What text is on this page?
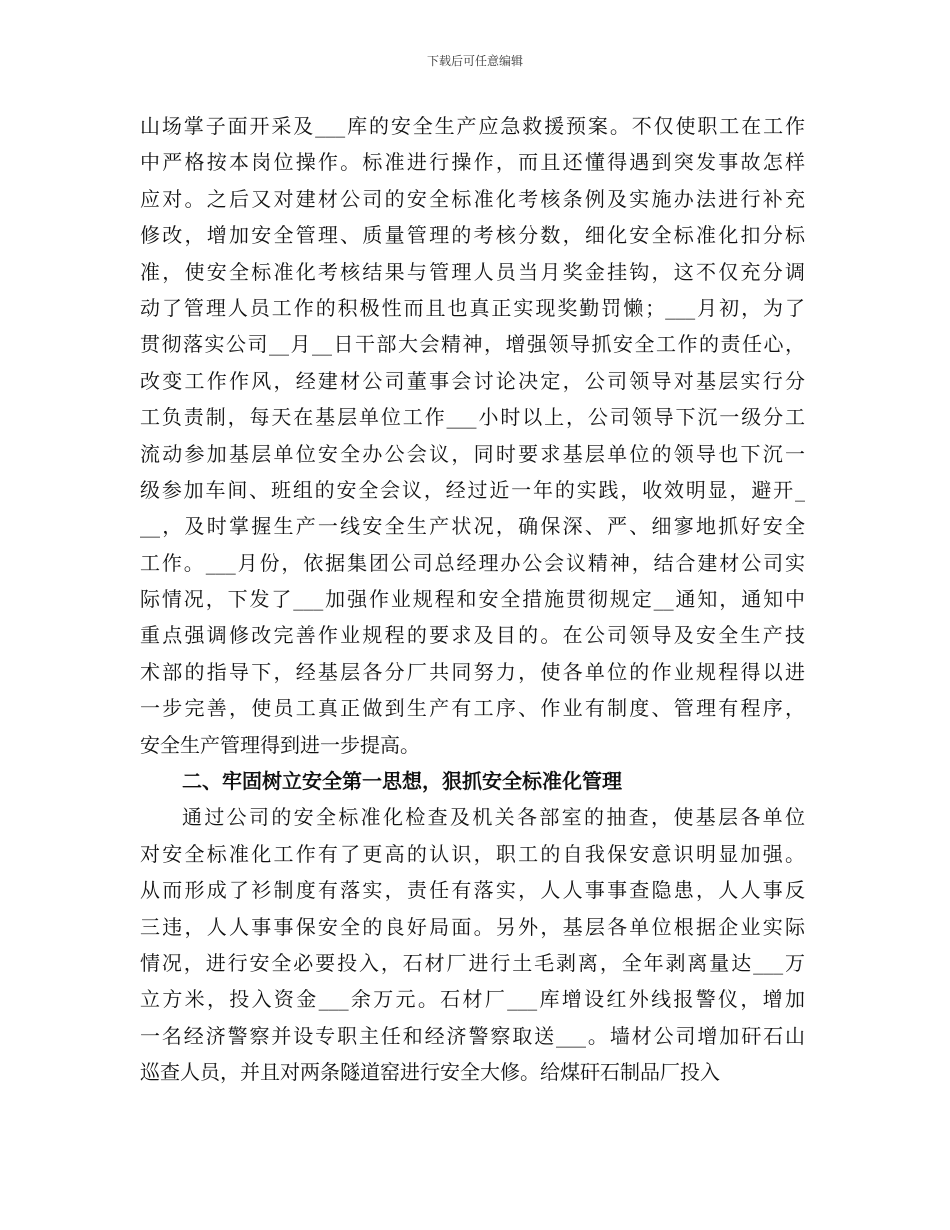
下载后可任意编辑
山场掌子面开采及___库的安全生产应急救援预案。不仅使职工在工作
中严格按本岗位操作。标准进行操作，而且还懂得遇到突发事故怎样
应对。之后又对建材公司的安全标准化考核条例及实施办法进行补充
修改，增加安全管理、质量管理的考核分数，细化安全标准化扣分标
准，使安全标准化考核结果与管理人员当月奖金挂钩，这不仅充分调
动了管理人员工作的积极性而且也真正实现奖勤罚懒；___月初，为了
贯彻落实公司__月__日干部大会精神，增强领导抓安全工作的责任心，
改变工作作风，经建材公司董事会讨论决定，公司领导对基层实行分
工负责制，每天在基层单位工作___小时以上，公司领导下沉一级分工
流动参加基层单位安全办公会议，同时要求基层单位的领导也下沉一
级参加车间、班组的安全会议，经过近一年的实践，收效明显，避开_
__，及时掌握生产一线安全生产状况，确保深、严、细寥地抓好安全
工作。___月份，依据集团公司总经理办公会议精神，结合建材公司实
际情况，下发了___加强作业规程和安全措施贯彻规定__通知，通知中
重点强调修改完善作业规程的要求及目的。在公司领导及安全生产技
术部的指导下，经基层各分厂共同努力，使各单位的作业规程得以进
一步完善，使员工真正做到生产有工序、作业有制度、管理有程序，
安全生产管理得到进一步提高。
二、牢固树立安全第一思想，狠抓安全标准化管理
通过公司的安全标准化检查及机关各部室的抽查，使基层各单位
对安全标准化工作有了更高的认识，职工的自我保安意识明显加强。
从而形成了衫制度有落实，责任有落实，人人事事查隐患，人人事反
三违，人人事事保安全的良好局面。另外，基层各单位根据企业实际
情况，进行安全必要投入，石材厂进行土毛剥离，全年剥离量达___万
立方米，投入资金___余万元。石材厂___库增设红外线报警仪，增加
一名经济警察并设专职主任和经济警察取送___。墙材公司增加矸石山
巡查人员，并且对两条隧道窑进行安全大修。给煤矸石制品厂投入
